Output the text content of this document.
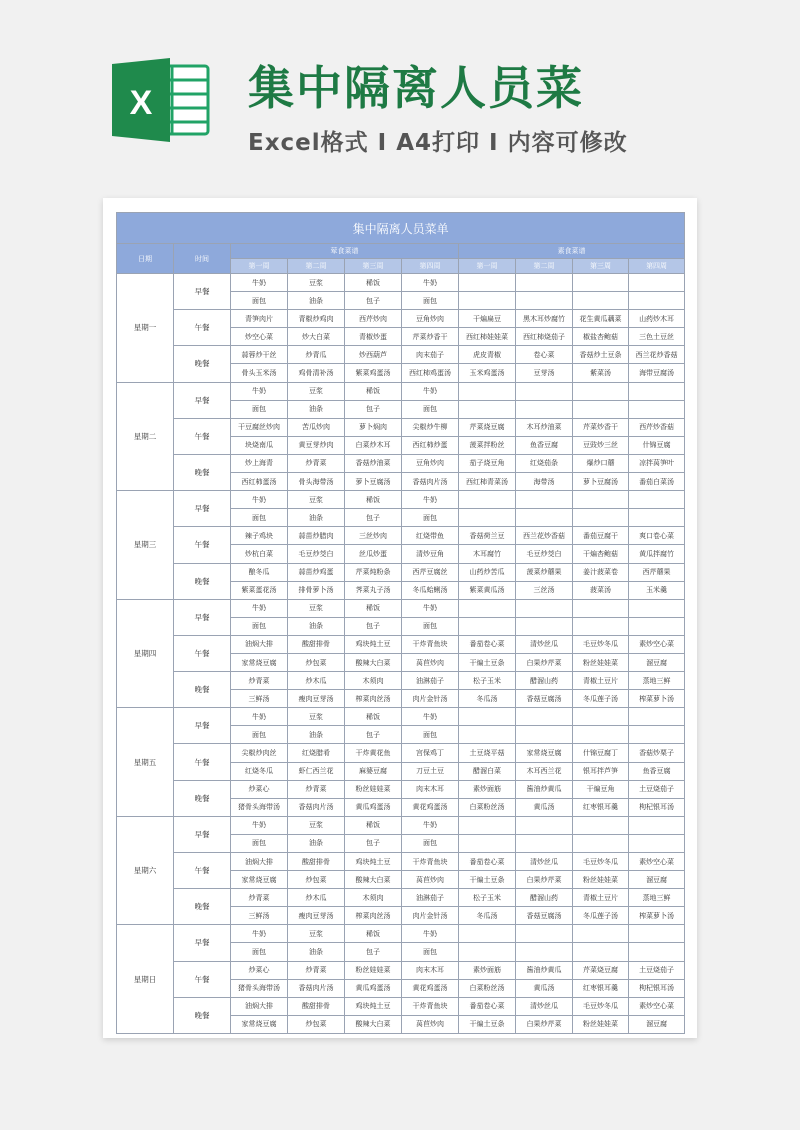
X 集中隔离人员菜
Excel格式 I A4打印 I 内容可修改
集中隔离人员菜单									
日期	时间	荤食菜谱				素食菜谱			
		第一周	第二周	第三周	第四周	第一周	第二周	第三周	第四周
星期一	早餐	牛奶	豆浆	稀饭	牛奶				
		面包	油条	包子	面包				
	午餐	青笋肉片	青椒炒鸡肉	西芹炒肉	豆角炒肉	干煸扁豆	黑木耳炒腐竹	花生黄瓜藕菜	山药炒木耳
		炒空心菜	炒大白菜	青椒炒蛋	芹菜炒香干	西红柿娃娃菜	西红柿烧茄子	椒盐杏鲍菇	三色土豆丝
	晚餐	蒜蓉炒干丝	炒青瓜	炒西葫芦	肉末茄子	虎皮青椒	卷心菜	香菇炒土豆条	西兰花炒香菇
		骨头玉米汤	鸡骨清补汤	紫菜鸡蛋汤	西红柿鸡蛋汤	玉米鸡蛋汤	豆芽汤	紫菜汤	海带豆腐汤
星期二	早餐	牛奶	豆浆	稀饭	牛奶				
		面包	油条	包子	面包				
	午餐	干豆腐丝炒肉	苦瓜炒肉	萝卜焖肉	尖椒炒牛柳	芹菜烧豆腐	木耳炒油菜	芹菜炒香干	西芹炒香菇
		块烧南瓜	黄豆芽炒肉	白菜炒木耳	西红柿炒蛋	菠菜拌粉丝	鱼香豆腐	豆豉炒三丝	什锦豆腐
	晚餐	炒上海青	炒青菜	香菇炒油菜	豆角炒肉	茄子烧豆角	红烧茄条	爆炒口蘑	凉拌莴笋叶
		西红柿蛋汤	骨头海带汤	萝卜豆腐汤	香菇肉片汤	西红柿青菜汤	海带汤	萝卜豆腐汤	番茄白菜汤
星期三	早餐	牛奶	豆浆	稀饭	牛奶				
		面包	油条	包子	面包				
	午餐	辣子鸡块	蒜苗炒腊肉	三丝炒肉	红烧带鱼	香菇荷兰豆	西兰花炒香菇	番茄豆腐干	爽口卷心菜
		炒杭白菜	毛豆炒茭白	丝瓜炒蛋	清炒豆角	木耳腐竹	毛豆炒茭白	干煸杏鲍菇	黄瓜拌腐竹
	晚餐	酿冬瓜	蒜苗炒鸡蛋	芹菜炖粉条	西芹豆腐丝	山药炒苦瓜	菠菜炒蘑果	姜汁菠菜卷	西芹蘑果
		紫菜蛋花汤	排骨萝卜汤	荠菜丸子汤	冬瓜蛤蜊汤	紫菜黄瓜汤	三丝汤	菠菜汤	玉米羹
星期四	早餐	牛奶	豆浆	稀饭	牛奶				
		面包	油条	包子	面包				
	午餐	油焖大排	酸甜排骨	鸡块炖土豆	干炸青鱼块	番茄卷心菜	清炒丝瓜	毛豆炒冬瓜	素炒空心菜
		家常烧豆腐	炒包菜	酸辣大白菜	莴苣炒肉	干煸土豆条	白果炒芹菜	粉丝娃娃菜	溜豆腐
	晚餐	炒青菜	炒木瓜	木须肉	油淋茄子	松子玉米	醋溜山药	青椒土豆片	蒸地三鲜
		三鲜汤	瘦肉豆芽汤	榨菜肉丝汤	肉片金针汤	冬瓜汤	香菇豆腐汤	冬瓜莲子汤	榨菜萝卜汤
星期五	早餐	牛奶	豆浆	稀饭	牛奶				
		面包	油条	包子	面包				
	午餐	尖椒炒肉丝	红烧腊肴	干炸黄花鱼	宫保鸡丁	土豆烧平菇	家常烧豆腐	什锦豆腐丁	香菇炒栗子
		红烧冬瓜	虾仁西兰花	麻婆豆腐	刀豆土豆	醋溜白菜	木耳西兰花	银耳拌芦笋	鱼香豆腐
	晚餐	炒菜心	炒青菜	粉丝娃娃菜	肉末木耳	素炒面筋	酱油炒黄瓜	干煸豆角	土豆烧茄子
		猪骨头海带汤	香菇肉片汤	黄瓜鸡蛋汤	黄花鸡蛋汤	白菜粉丝汤	黄瓜汤	红枣银耳羹	枸杞银耳汤
星期六	早餐	牛奶	豆浆	稀饭	牛奶				
		面包	油条	包子	面包				
	午餐	油焖大排	酸甜排骨	鸡块炖土豆	干炸青鱼块	番茄卷心菜	清炒丝瓜	毛豆炒冬瓜	素炒空心菜
		家常烧豆腐	炒包菜	酸辣大白菜	莴苣炒肉	干煸土豆条	白果炒芹菜	粉丝娃娃菜	溜豆腐
	晚餐	炒青菜	炒木瓜	木须肉	油淋茄子	松子玉米	醋溜山药	青椒土豆片	蒸地三鲜
		三鲜汤	瘦肉豆芽汤	榨菜肉丝汤	肉片金针汤	冬瓜汤	香菇豆腐汤	冬瓜莲子汤	榨菜萝卜汤
星期日	早餐	牛奶	豆浆	稀饭	牛奶				
		面包	油条	包子	面包				
	午餐	炒菜心	炒青菜	粉丝娃娃菜	肉末木耳	素炒面筋	酱油炒黄瓜	芹菜烧豆腐	土豆烧茄子
		猪骨头海带汤	香菇肉片汤	黄瓜鸡蛋汤	黄花鸡蛋汤	白菜粉丝汤	黄瓜汤	红枣银耳羹	枸杞银耳汤
	晚餐	油焖大排	酸甜排骨	鸡块炖土豆	干炸青鱼块	番茄卷心菜	清炒丝瓜	毛豆炒冬瓜	素炒空心菜
		家常烧豆腐	炒包菜	酸辣大白菜	莴苣炒肉	干煸土豆条	白果炒芹菜	粉丝娃娃菜	溜豆腐
